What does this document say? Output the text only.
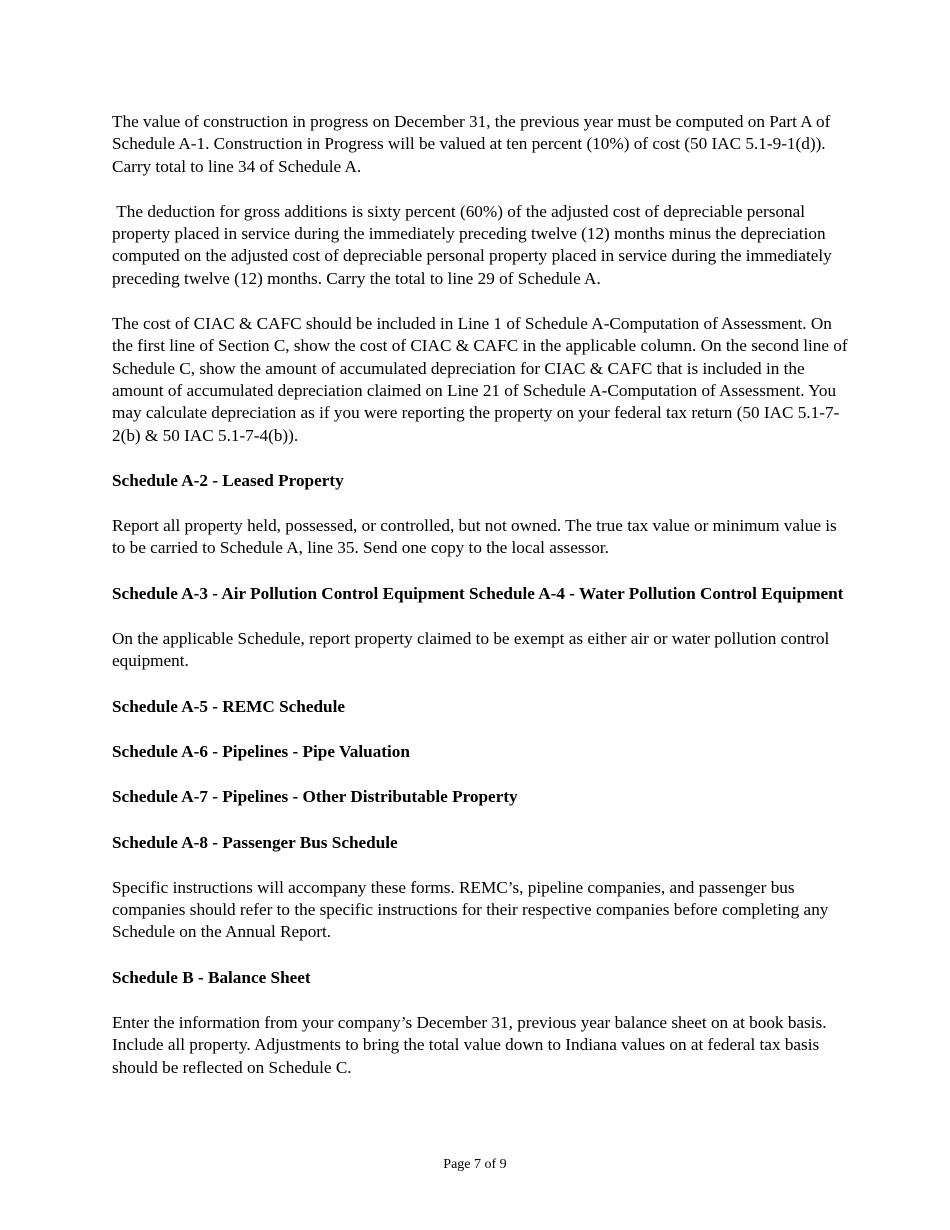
The value of construction in progress on December 31, the previous year must be computed on Part A of Schedule A-1. Construction in Progress will be valued at ten percent (10%) of cost (50 IAC 5.1-9-1(d)). Carry total to line 34 of Schedule A.

The deduction for gross additions is sixty percent (60%) of the adjusted cost of depreciable personal property placed in service during the immediately preceding twelve (12) months minus the depreciation computed on the adjusted cost of depreciable personal property placed in service during the immediately preceding twelve (12) months. Carry the total to line 29 of Schedule A.

The cost of CIAC & CAFC should be included in Line 1 of Schedule A-Computation of Assessment. On the first line of Section C, show the cost of CIAC & CAFC in the applicable column. On the second line of Schedule C, show the amount of accumulated depreciation for CIAC & CAFC that is included in the amount of accumulated depreciation claimed on Line 21 of Schedule A-Computation of Assessment. You may calculate depreciation as if you were reporting the property on your federal tax return (50 IAC 5.1-7-2(b) & 50 IAC 5.1-7-4(b)).

Schedule A-2 - Leased Property

Report all property held, possessed, or controlled, but not owned. The true tax value or minimum value is to be carried to Schedule A, line 35. Send one copy to the local assessor.

Schedule A-3 - Air Pollution Control Equipment Schedule A-4 - Water Pollution Control Equipment

On the applicable Schedule, report property claimed to be exempt as either air or water pollution control equipment.

Schedule A-5 - REMC Schedule

Schedule A-6 - Pipelines - Pipe Valuation

Schedule A-7 - Pipelines - Other Distributable Property

Schedule A-8 - Passenger Bus Schedule

Specific instructions will accompany these forms. REMC’s, pipeline companies, and passenger bus companies should refer to the specific instructions for their respective companies before completing any Schedule on the Annual Report.

Schedule B - Balance Sheet

Enter the information from your company’s December 31, previous year balance sheet on at book basis. Include all property. Adjustments to bring the total value down to Indiana values on at federal tax basis should be reflected on Schedule C.

Page 7 of 9
